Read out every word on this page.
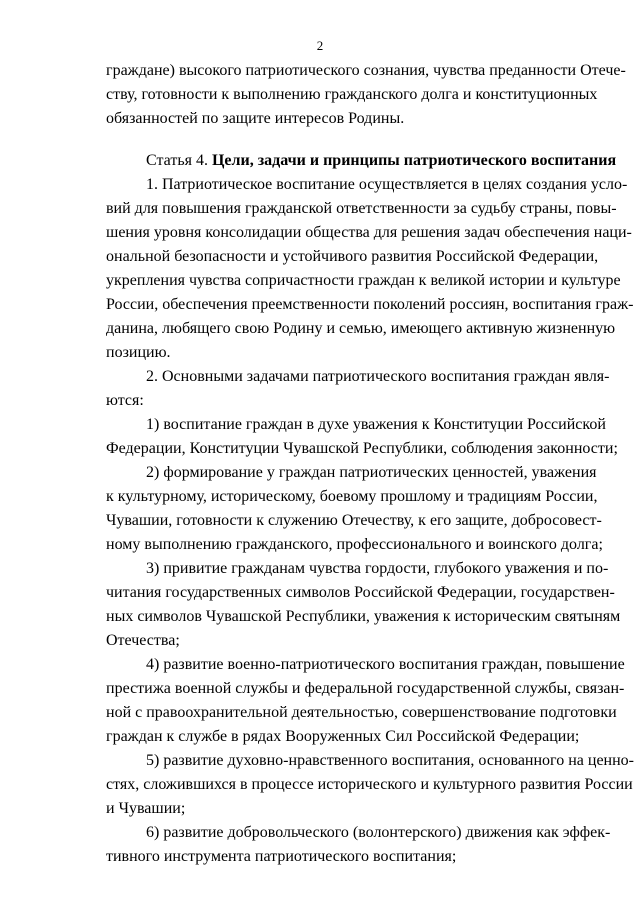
2
граждане) высокого патриотического сознания, чувства преданности Отече-
ству, готовности к выполнению гражданского долга и конституционных
обязанностей по защите интересов Родины.
Статья 4. Цели, задачи и принципы патриотического воспитания
1. Патриотическое воспитание осуществляется в целях создания усло-
вий для повышения гражданской ответственности за судьбу страны, повы-
шения уровня консолидации общества для решения задач обеспечения наци-
ональной безопасности и устойчивого развития Российской Федерации,
укрепления чувства сопричастности граждан к великой истории и культуре
России, обеспечения преемственности поколений россиян, воспитания граж-
данина, любящего свою Родину и семью, имеющего активную жизненную
позицию.
2. Основными задачами патриотического воспитания граждан явля-
ются:
1) воспитание граждан в духе уважения к Конституции Российской
Федерации, Конституции Чувашской Республики, соблюдения законности;
2) формирование у граждан патриотических ценностей, уважения
к культурному, историческому, боевому прошлому и традициям России,
Чувашии, готовности к служению Отечеству, к его защите, добросовест-
ному выполнению гражданского, профессионального и воинского долга;
3) привитие гражданам чувства гордости, глубокого уважения и по-
читания государственных символов Российской Федерации, государствен-
ных символов Чувашской Республики, уважения к историческим святыням
Отечества;
4) развитие военно-патриотического воспитания граждан, повышение
престижа военной службы и федеральной государственной службы, связан-
ной с правоохранительной деятельностью, совершенствование подготовки
граждан к службе в рядах Вооруженных Сил Российской Федерации;
5) развитие духовно-нравственного воспитания, основанного на ценно-
стях, сложившихся в процессе исторического и культурного развития России
и Чувашии;
6) развитие добровольческого (волонтерского) движения как эффек-
тивного инструмента патриотического воспитания;
